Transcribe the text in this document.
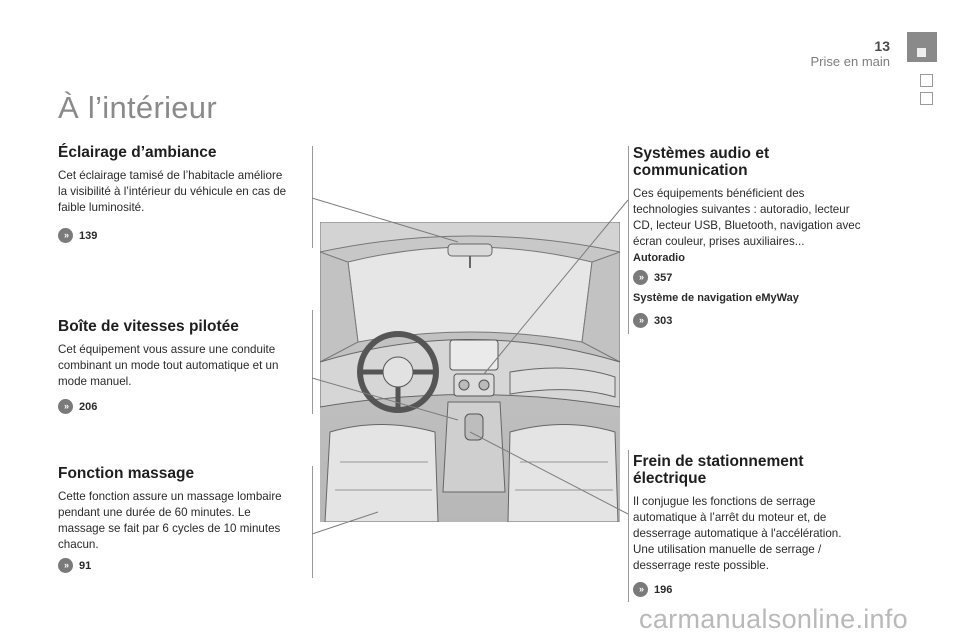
13
Prise en main
À l’intérieur
Éclairage d’ambiance
Cet éclairage tamisé de l’habitacle améliore
la visibilité à l’intérieur du véhicule en cas de
faible luminosité.
»	139
Boîte de vitesses pilotée
Cet équipement vous assure une conduite
combinant un mode tout automatique et un
mode manuel.
»	206
Fonction massage
Cette fonction assure un massage lombaire
pendant une durée de 60 minutes. Le
massage se fait par 6 cycles de 10 minutes
chacun.
»	91
Systèmes audio et
communication
Ces équipements bénéficient des
technologies suivantes : autoradio, lecteur
CD, lecteur USB, Bluetooth, navigation avec
écran couleur, prises auxiliaires...
Autoradio
»	357
Système de navigation eMyWay
»	303
Frein de stationnement
électrique
Il conjugue les fonctions de serrage
automatique à l’arrêt du moteur et, de
desserrage automatique à l'accélération.
Une utilisation manuelle de serrage /
desserrage reste possible.
»	196
carmanualsonline.info
